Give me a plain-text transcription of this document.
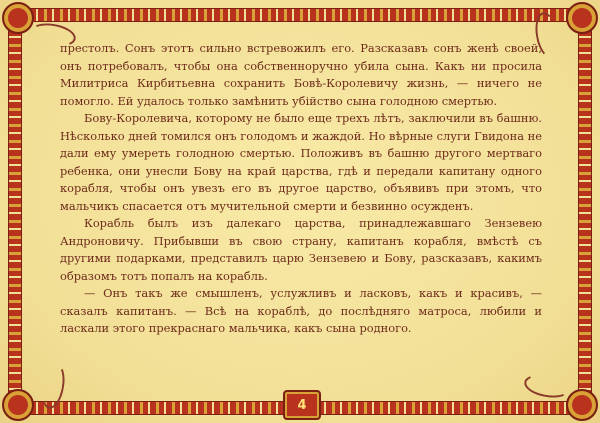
престолъ. Сонъ этотъ сильно встревожилъ его. Разсказавъ сонъ женѣ своей, онъ потребовалъ, чтобы она собственноручно убила сына. Какъ ни просила Милитриса Кирбитьевна сохранить Бовѣ-Королевичу жизнь, — ничего не помогло. Ей удалось только замѣнить убійство сына голодною смертью.

Бову-Королевича, которому не было еще трехъ лѣтъ, заключили въ башню. Нѣсколько дней томился онъ голодомъ и жаждой. Но вѣрные слуги Гвидона не дали ему умереть голодною смертью. Положивъ въ башню другого мертваго ребенка, они унесли Бову на край царства, гдѣ и передали капитану одного корабля, чтобы онъ увезъ его въ другое царство, объявивъ при этомъ, что мальчикъ спасается отъ мучительной смерти и безвинно осужденъ.

Корабль былъ изъ далекаго царства, принадлежавшаго Зензевею Андроновичу. Прибывши въ свою страну, капитанъ корабля, вмѣстѣ съ другими подарками, представилъ царю Зензевею и Бову, разсказавъ, какимъ образомъ тотъ попалъ на корабль.

— Онъ такъ же смышленъ, услужливъ и ласковъ, какъ и красивъ, — сказалъ капитанъ. — Всѣ на кораблѣ, до послѣдняго матроса, любили и ласкали этого прекраснаго мальчика, какъ сына родного.

4
